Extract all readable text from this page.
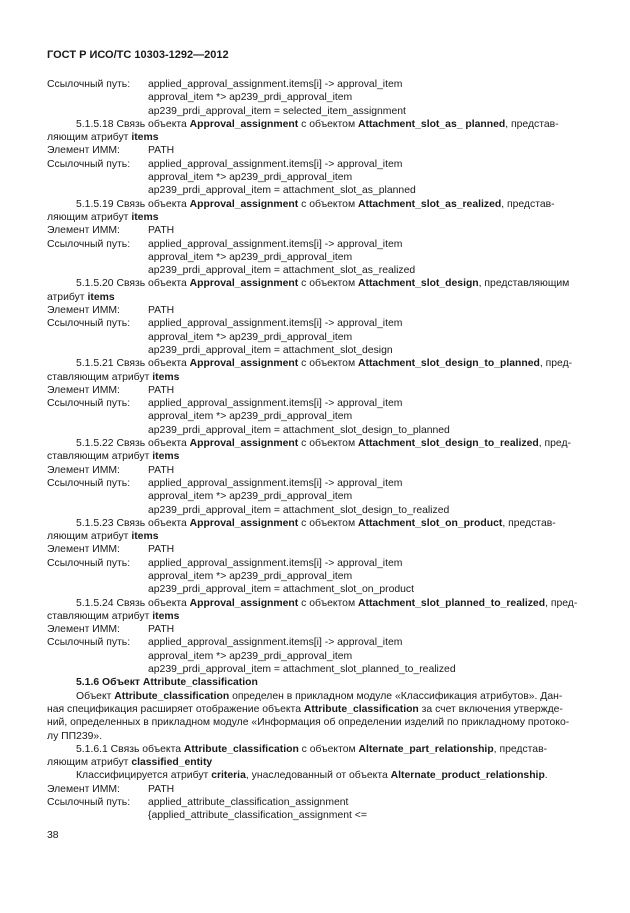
ГОСТ Р ИСО/ТС 10303-1292—2012
Ссылочный путь: applied_approval_assignment.items[i] -> approval_item
approval_item *> ap239_prdi_approval_item
ap239_prdi_approval_item = selected_item_assignment
5.1.5.18 Связь объекта Approval_assignment с объектом Attachment_slot_as_ planned, представ-
ляющим атрибут items
Элемент ИММ:	PATH
Ссылочный путь: applied_approval_assignment.items[i] -> approval_item
approval_item *> ap239_prdi_approval_item
ap239_prdi_approval_item = attachment_slot_as_planned
5.1.5.19 Связь объекта Approval_assignment с объектом Attachment_slot_as_realized, представ-
ляющим атрибут items
Элемент ИММ:	PATH
Ссылочный путь: applied_approval_assignment.items[i] -> approval_item
approval_item *> ap239_prdi_approval_item
ap239_prdi_approval_item = attachment_slot_as_realized
5.1.5.20 Связь объекта Approval_assignment с объектом Attachment_slot_design, представляющим
атрибут items
Элемент ИММ:	PATH
Ссылочный путь: applied_approval_assignment.items[i] -> approval_item
approval_item *> ap239_prdi_approval_item
ap239_prdi_approval_item = attachment_slot_design
5.1.5.21 Связь объекта Approval_assignment с объектом Attachment_slot_design_to_planned, пред-
ставляющим атрибут items
Элемент ИММ:	PATH
Ссылочный путь: applied_approval_assignment.items[i] -> approval_item
approval_item *> ap239_prdi_approval_item
ap239_prdi_approval_item = attachment_slot_design_to_planned
5.1.5.22 Связь объекта Approval_assignment с объектом Attachment_slot_design_to_realized, пред-
ставляющим атрибут items
Элемент ИММ:	PATH
Ссылочный путь: applied_approval_assignment.items[i] -> approval_item
approval_item *> ap239_prdi_approval_item
ap239_prdi_approval_item = attachment_slot_design_to_realized
5.1.5.23 Связь объекта Approval_assignment с объектом Attachment_slot_on_product, представ-
ляющим атрибут items
Элемент ИММ:	PATH
Ссылочный путь: applied_approval_assignment.items[i] -> approval_item
approval_item *> ap239_prdi_approval_item
ap239_prdi_approval_item = attachment_slot_on_product
5.1.5.24 Связь объекта Approval_assignment с объектом Attachment_slot_planned_to_realized, пред-
ставляющим атрибут items
Элемент ИММ:	PATH
Ссылочный путь: applied_approval_assignment.items[i] -> approval_item
approval_item *> ap239_prdi_approval_item
ap239_prdi_approval_item = attachment_slot_planned_to_realized
5.1.6 Объект Attribute_classification
Объект Attribute_classification определен в прикладном модуле «Классификация атрибутов». Дан-
ная спецификация расширяет отображение объекта Attribute_classification за счет включения утвержде-
ний, определенных в прикладном модуле «Информация об определении изделий по прикладному протоко-
лу ПП239».
5.1.6.1 Связь объекта Attribute_classification с объектом Alternate_part_relationship, представ-
ляющим атрибут classified_entity
Классифицируется атрибут criteria, унаследованный от объекта Alternate_product_relationship.
Элемент ИММ:	PATH
Ссылочный путь: applied_attribute_classification_assignment
{applied_attribute_classification_assignment <=
38
